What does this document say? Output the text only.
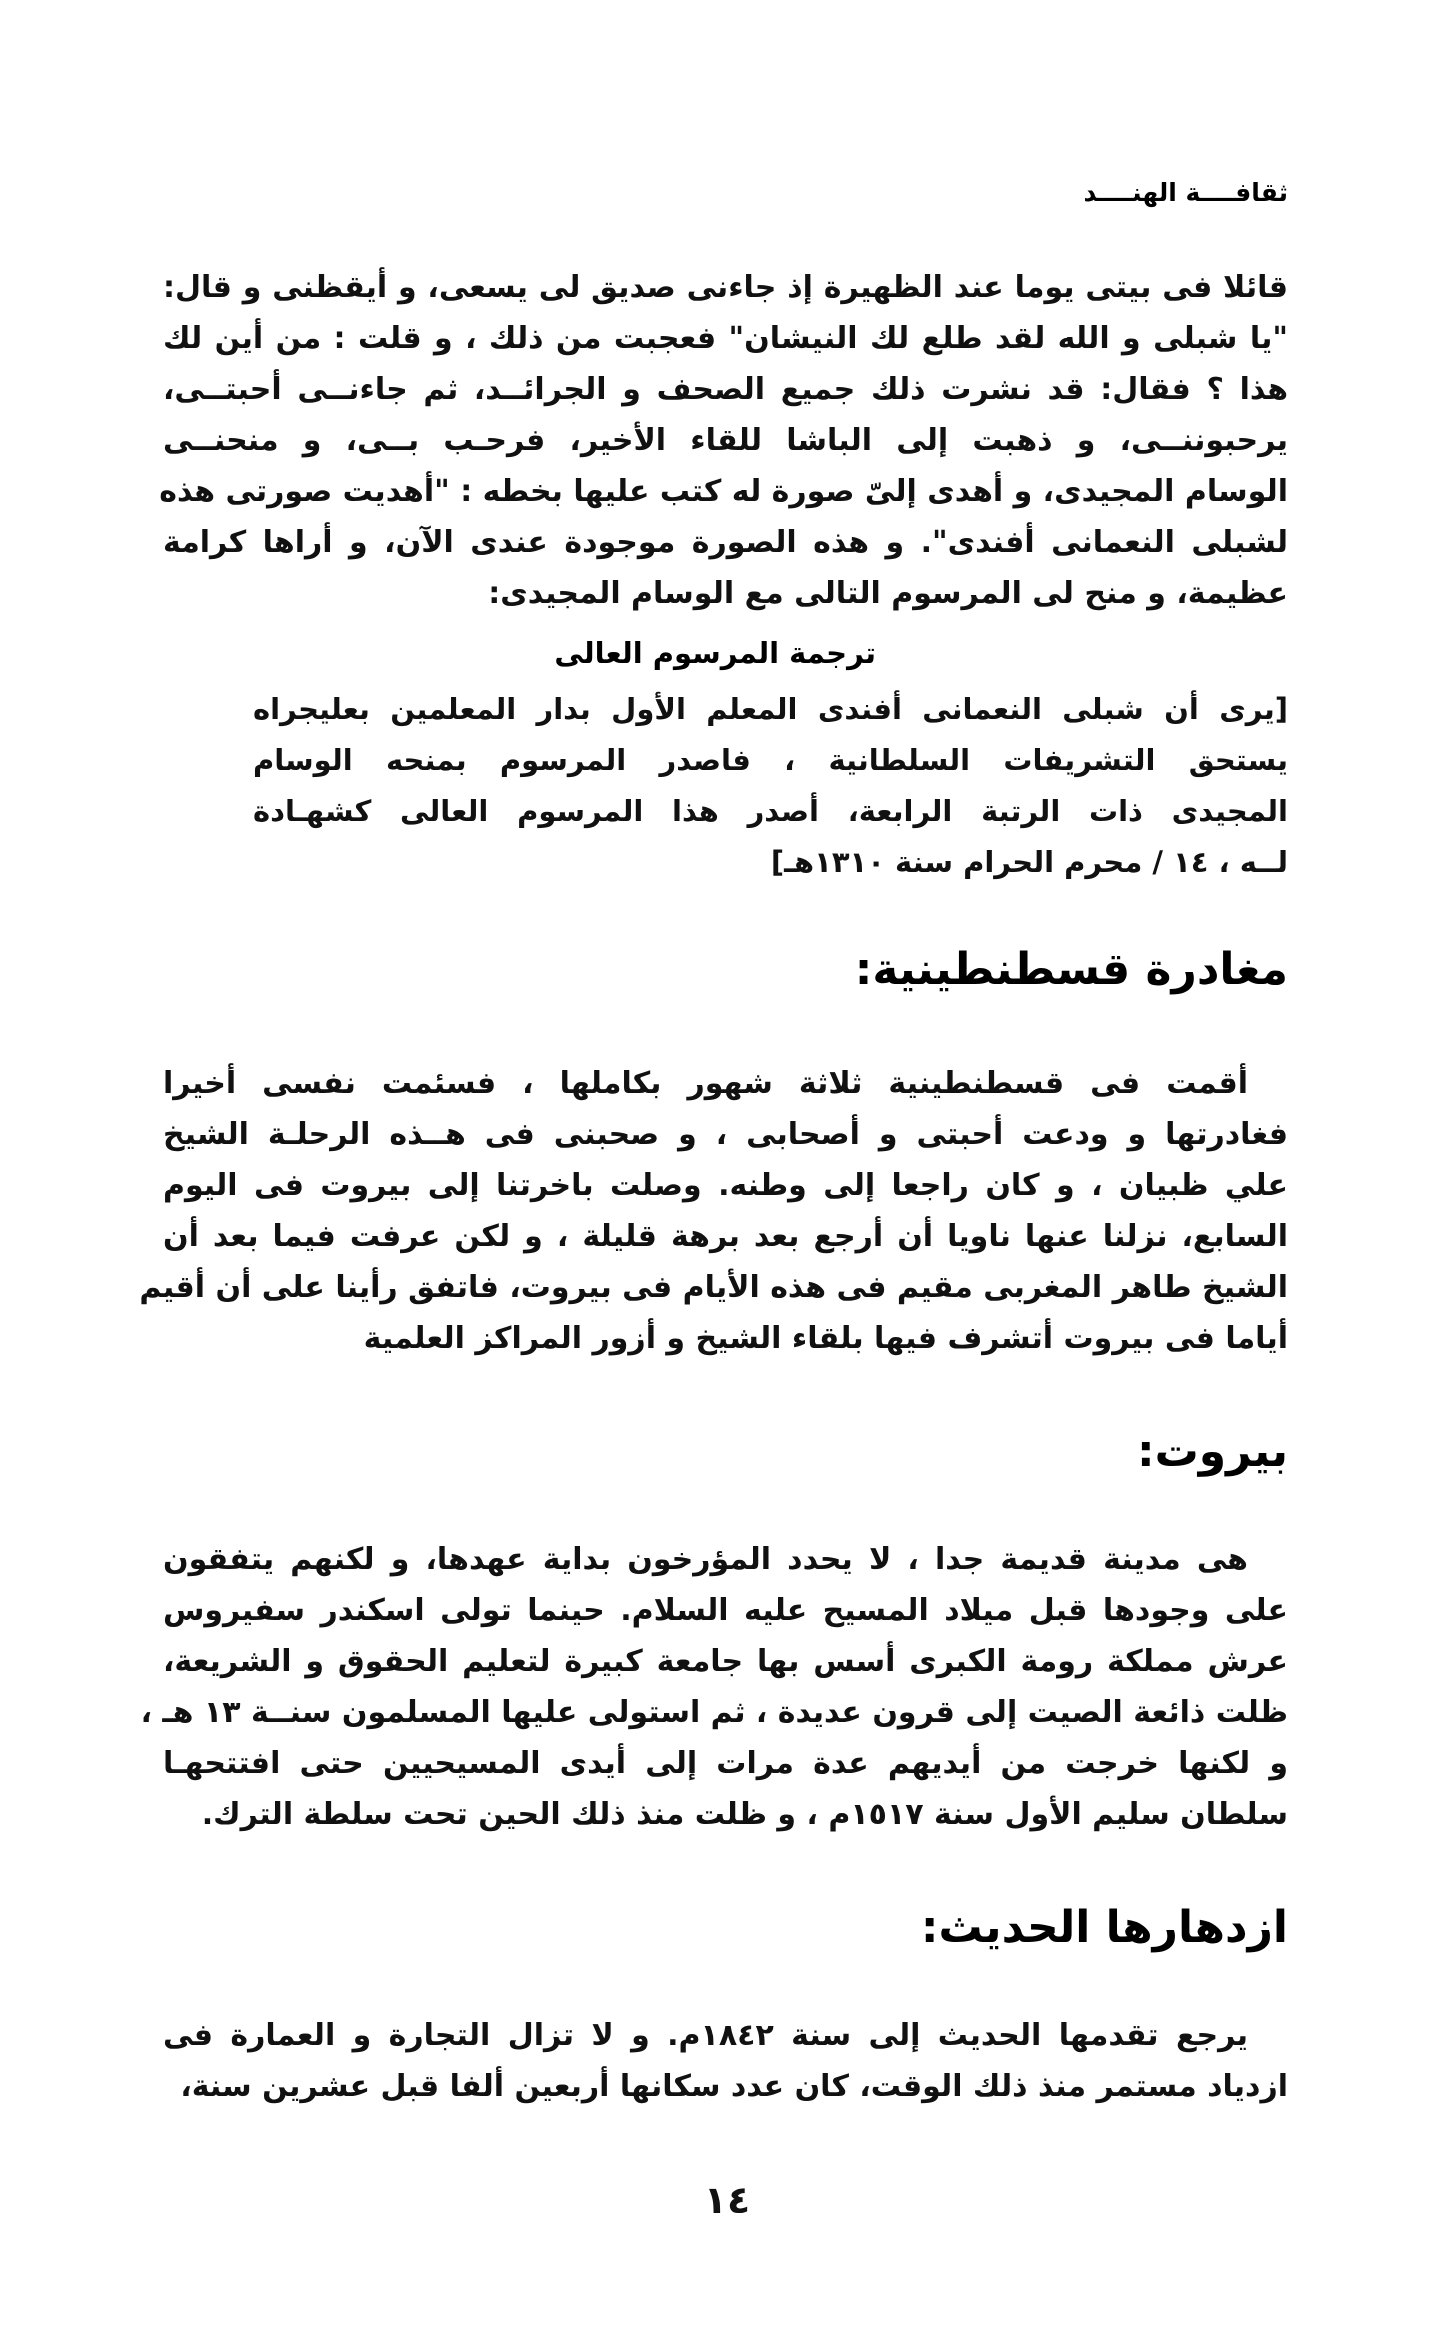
ثقافــــة الهنــــد
قائلا فى بيتى يوما عند الظهيرة إذ جاءنى صديق لى يسعى، و أيقظنى و قال:
"يا شبلى و الله لقد طلع لك النيشان" فعجبت من ذلك ، و قلت : من أين لك
هذا ؟ فقال: قد نشرت ذلك جميع الصحف و الجرائــد، ثم جاءنــى أحبتــى،
يرحبوننــى، و ذهبت إلى الباشا للقاء الأخير، فرحـب بــى، و منحنــى
الوسام المجيدى، و أهدى إلىّ صورة له كتب عليها بخطه : "أهديت صورتى هذه
لشبلى النعمانى أفندى". و هذه الصورة موجودة عندى الآن، و أراها كرامة
عظيمة، و منح لى المرسوم التالى مع الوسام المجيدى:
ترجمة المرسوم العالى
[يرى أن شبلى النعمانى أفندى المعلم الأول بدار المعلمين بعليجراه
يستحق التشريفات السلطانية ، فاصدر المرسوم بمنحه الوسام
المجيدى ذات الرتبة الرابعة، أصدر هذا المرسوم العالى كشهـادة
لــه ، ١٤ / محرم الحرام سنة ١٣١٠هـ]
مغادرة قسطنطينية:
أقمت فى قسطنطينية ثلاثة شهور بكاملها ، فسئمت نفسى أخيرا
فغادرتها و ودعت أحبتى و أصحابى ، و صحبنى فى هــذه الرحلـة الشيخ
علي ظبيان ، و كان راجعا إلى وطنه. وصلت باخرتنا إلى بيروت فى اليوم
السابع، نزلنا عنها ناويا أن أرجع بعد برهة قليلة ، و لكن عرفت فيما بعد أن
الشيخ طاهر المغربى مقيم فى هذه الأيام فى بيروت، فاتفق رأينا على أن أقيم
أياما فى بيروت أتشرف فيها بلقاء الشيخ و أزور المراكز العلمية
بيروت:
هى مدينة قديمة جدا ، لا يحدد المؤرخون بداية عهدها، و لكنهم يتفقون
على وجودها قبل ميلاد المسيح عليه السلام. حينما تولى اسكندر سفيروس
عرش مملكة رومة الكبرى أسس بها جامعة كبيرة لتعليم الحقوق و الشريعة،
ظلت ذائعة الصيت إلى قرون عديدة ، ثم استولى عليها المسلمون سنــة ١٣ هـ ،
و لكنها خرجت من أيديهم عدة مرات إلى أيدى المسيحيين حتى افتتحهـا
سلطان سليم الأول سنة ١٥١٧م ، و ظلت منذ ذلك الحين تحت سلطة الترك.
ازدهارها الحديث:
يرجع تقدمها الحديث إلى سنة ١٨٤٢م. و لا تزال التجارة و العمارة فى
ازدياد مستمر منذ ذلك الوقت، كان عدد سكانها أربعين ألفا قبل عشرين سنة،
١٤
